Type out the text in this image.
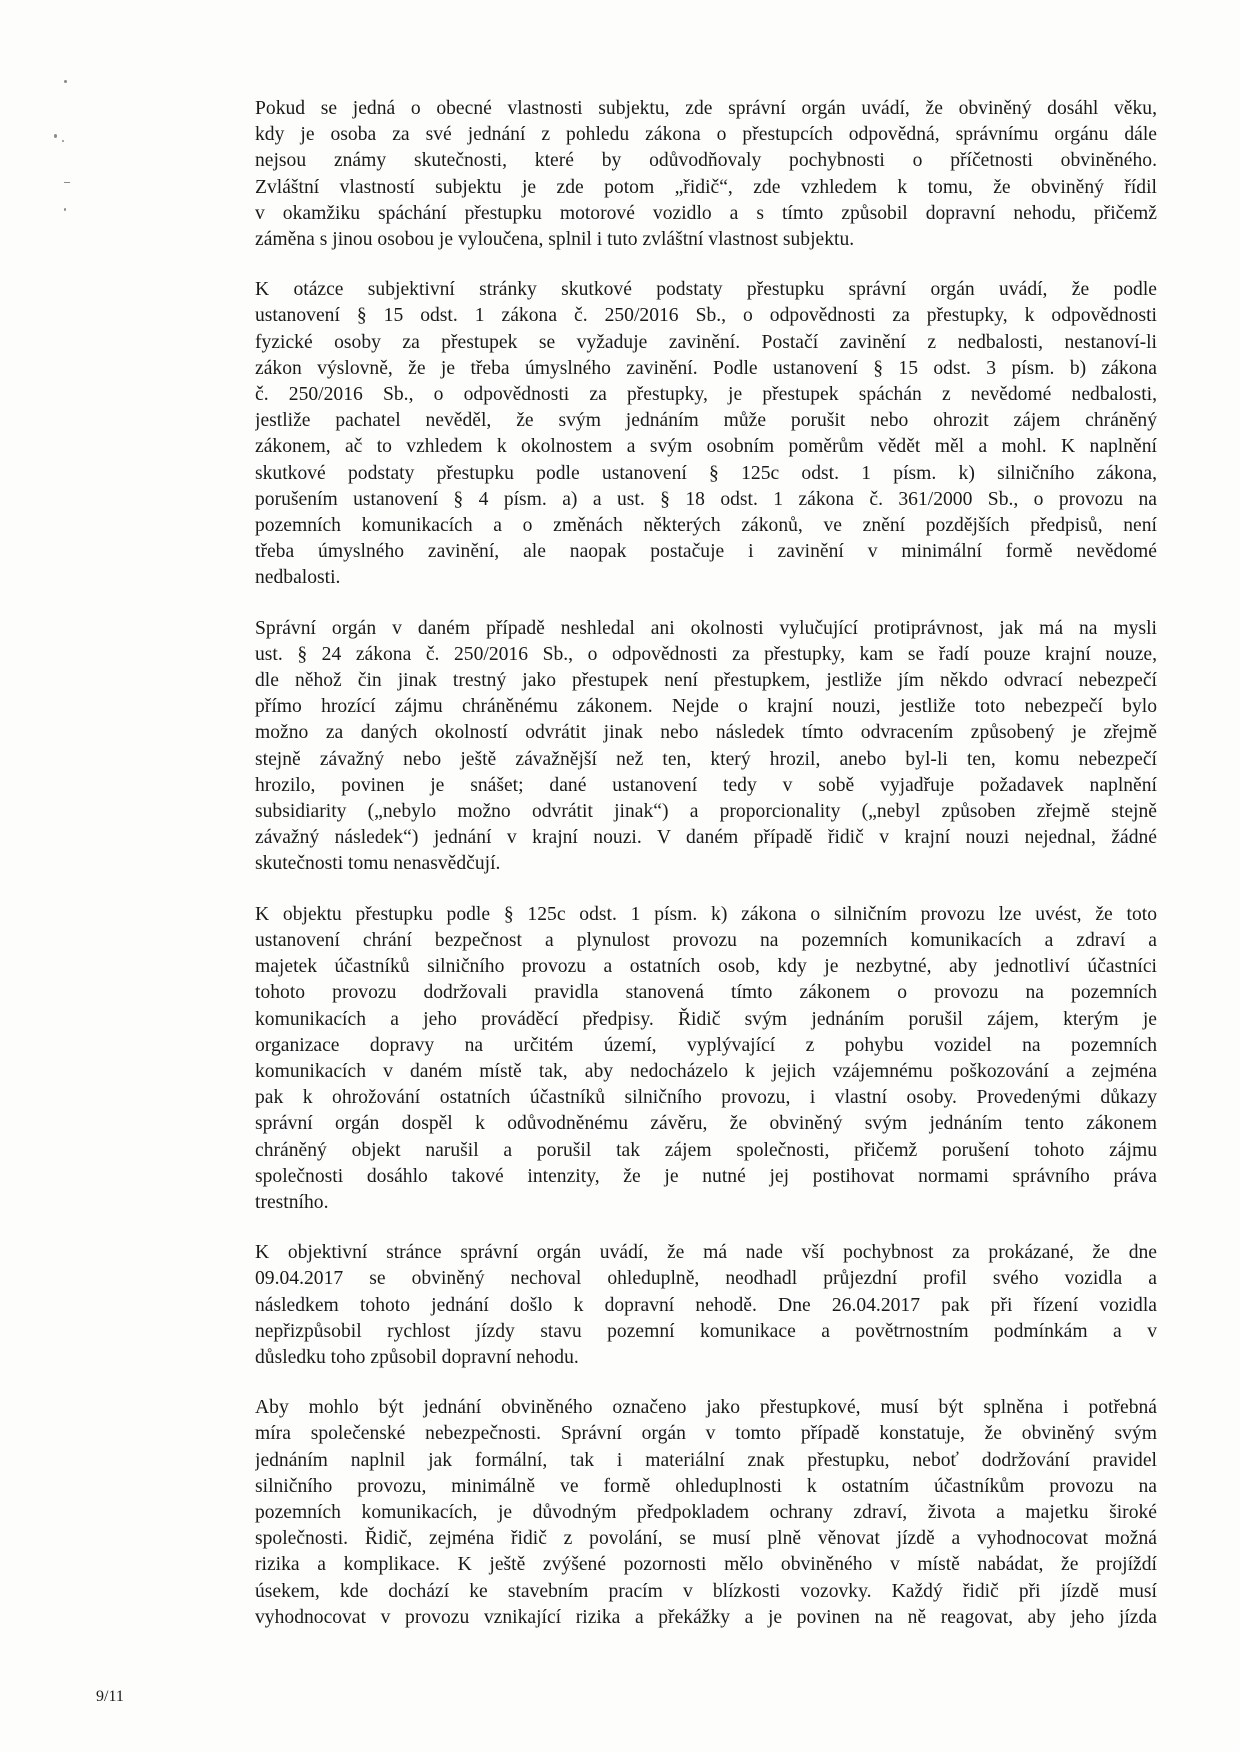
Pokud se jedná o obecné vlastnosti subjektu, zde správní orgán uvádí, že obviněný dosáhl věku,
kdy je osoba za své jednání z pohledu zákona o přestupcích odpovědná, správnímu orgánu dále
nejsou známy skutečnosti, které by odůvodňovaly pochybnosti o příčetnosti obviněného.
Zvláštní vlastností subjektu je zde potom „řidič“, zde vzhledem k tomu, že obviněný řídil
v okamžiku spáchání přestupku motorové vozidlo a s tímto způsobil dopravní nehodu, přičemž
záměna s jinou osobou je vyloučena, splnil i tuto zvláštní vlastnost subjektu.
K otázce subjektivní stránky skutkové podstaty přestupku správní orgán uvádí, že podle
ustanovení § 15 odst. 1 zákona č. 250/2016 Sb., o odpovědnosti za přestupky, k odpovědnosti
fyzické osoby za přestupek se vyžaduje zavinění. Postačí zavinění z nedbalosti, nestanoví-li
zákon výslovně, že je třeba úmyslného zavinění. Podle ustanovení § 15 odst. 3 písm. b) zákona
č. 250/2016 Sb., o odpovědnosti za přestupky, je přestupek spáchán z nevědomé nedbalosti,
jestliže pachatel nevěděl, že svým jednáním může porušit nebo ohrozit zájem chráněný
zákonem, ač to vzhledem k okolnostem a svým osobním poměrům vědět měl a mohl. K naplnění
skutkové podstaty přestupku podle ustanovení § 125c odst. 1 písm. k) silničního zákona,
porušením ustanovení § 4 písm. a) a ust. § 18 odst. 1 zákona č. 361/2000 Sb., o provozu na
pozemních komunikacích a o změnách některých zákonů, ve znění pozdějších předpisů, není
třeba úmyslného zavinění, ale naopak postačuje i zavinění v minimální formě nevědomé
nedbalosti.
Správní orgán v daném případě neshledal ani okolnosti vylučující protiprávnost, jak má na mysli
ust. § 24 zákona č. 250/2016 Sb., o odpovědnosti za přestupky, kam se řadí pouze krajní nouze,
dle něhož čin jinak trestný jako přestupek není přestupkem, jestliže jím někdo odvrací nebezpečí
přímo hrozící zájmu chráněnému zákonem. Nejde o krajní nouzi, jestliže toto nebezpečí bylo
možno za daných okolností odvrátit jinak nebo následek tímto odvracením způsobený je zřejmě
stejně závažný nebo ještě závažnější než ten, který hrozil, anebo byl-li ten, komu nebezpečí
hrozilo, povinen je snášet; dané ustanovení tedy v sobě vyjadřuje požadavek naplnění
subsidiarity („nebylo možno odvrátit jinak“) a proporcionality („nebyl způsoben zřejmě stejně
závažný následek“) jednání v krajní nouzi. V daném případě řidič v krajní nouzi nejednal, žádné
skutečnosti tomu nenasvědčují.
K objektu přestupku podle § 125c odst. 1 písm. k) zákona o silničním provozu lze uvést, že toto
ustanovení chrání bezpečnost a plynulost provozu na pozemních komunikacích a zdraví a
majetek účastníků silničního provozu a ostatních osob, kdy je nezbytné, aby jednotliví účastníci
tohoto provozu dodržovali pravidla stanovená tímto zákonem o provozu na pozemních
komunikacích a jeho prováděcí předpisy. Řidič svým jednáním porušil zájem, kterým je
organizace dopravy na určitém území, vyplývající z pohybu vozidel na pozemních
komunikacích v daném místě tak, aby nedocházelo k jejich vzájemnému poškozování a zejména
pak k ohrožování ostatních účastníků silničního provozu, i vlastní osoby. Provedenými důkazy
správní orgán dospěl k odůvodněnému závěru, že obviněný svým jednáním tento zákonem
chráněný objekt narušil a porušil tak zájem společnosti, přičemž porušení tohoto zájmu
společnosti dosáhlo takové intenzity, že je nutné jej postihovat normami správního práva
trestního.
K objektivní stránce správní orgán uvádí, že má nade vší pochybnost za prokázané, že dne
09.04.2017 se obviněný nechoval ohleduplně, neodhadl průjezdní profil svého vozidla a
následkem tohoto jednání došlo k dopravní nehodě. Dne 26.04.2017 pak při řízení vozidla
nepřizpůsobil rychlost jízdy stavu pozemní komunikace a povětrnostním podmínkám a v
důsledku toho způsobil dopravní nehodu.
Aby mohlo být jednání obviněného označeno jako přestupkové, musí být splněna i potřebná
míra společenské nebezpečnosti. Správní orgán v tomto případě konstatuje, že obviněný svým
jednáním naplnil jak formální, tak i materiální znak přestupku, neboť dodržování pravidel
silničního provozu, minimálně ve formě ohleduplnosti k ostatním účastníkům provozu na
pozemních komunikacích, je důvodným předpokladem ochrany zdraví, života a majetku široké
společnosti. Řidič, zejména řidič z povolání, se musí plně věnovat jízdě a vyhodnocovat možná
rizika a komplikace. K ještě zvýšené pozornosti mělo obviněného v místě nabádat, že projíždí
úsekem, kde dochází ke stavebním pracím v blízkosti vozovky. Každý řidič při jízdě musí
vyhodnocovat v provozu vznikající rizika a překážky a je povinen na ně reagovat, aby jeho jízda
9/11
